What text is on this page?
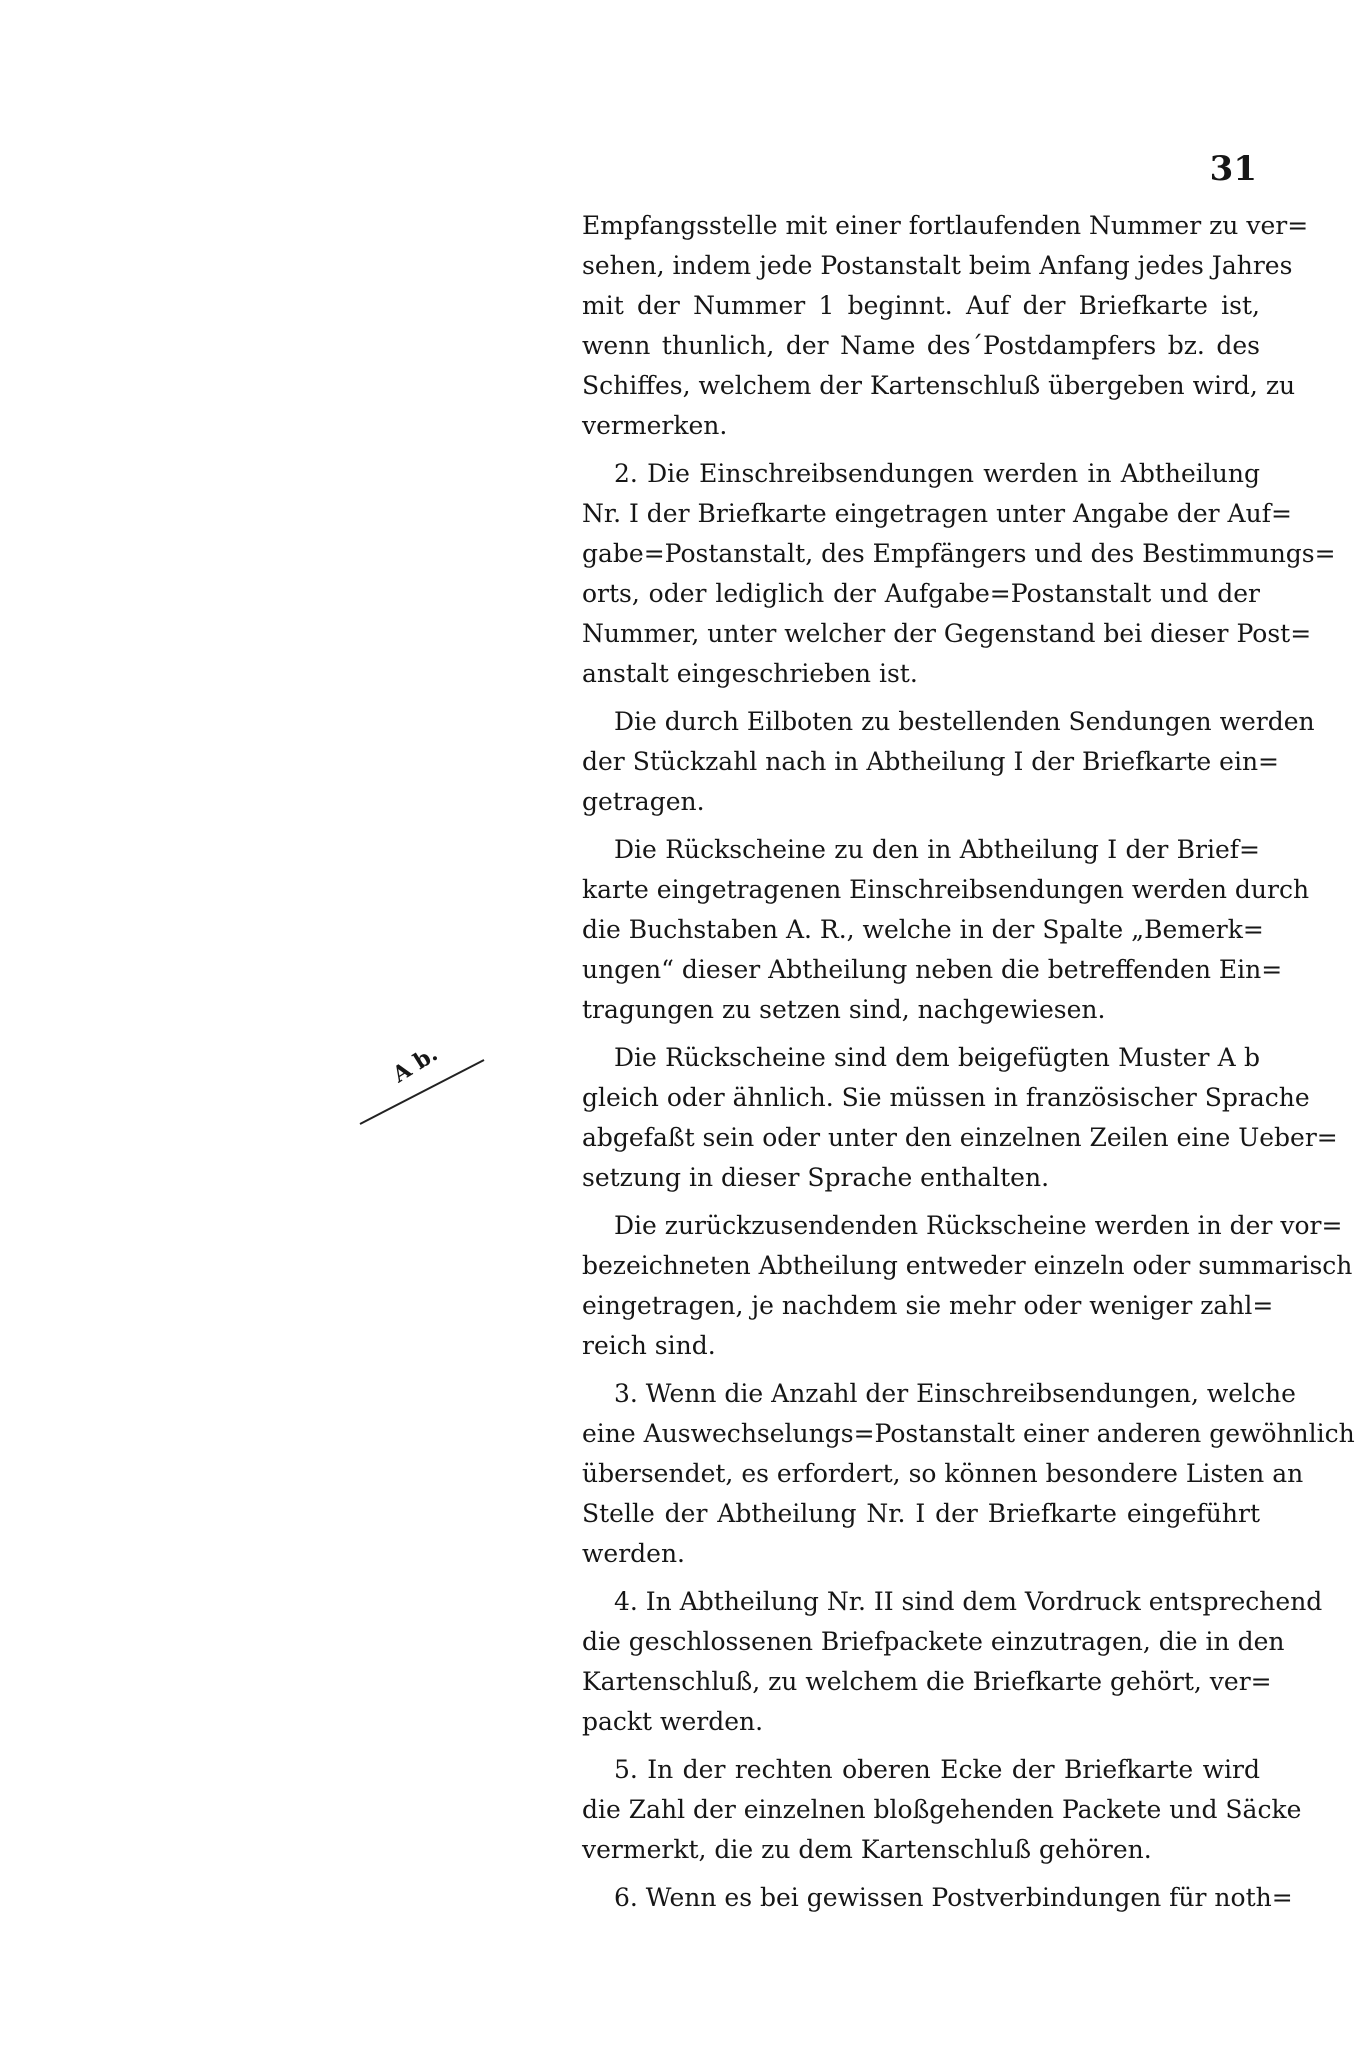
31
A b.
Empfangsstelle mit einer fortlaufenden Nummer zu ver=
sehen, indem jede Postanstalt beim Anfang jedes Jahres
mit der Nummer 1 beginnt. Auf der Briefkarte ist,
wenn thunlich, der Name des´Postdampfers bz. des
Schiffes, welchem der Kartenschluß übergeben wird, zu
vermerken.
2. Die Einschreibsendungen werden in Abtheilung
Nr. I der Briefkarte eingetragen unter Angabe der Auf=
gabe=Postanstalt, des Empfängers und des Bestimmungs=
orts, oder lediglich der Aufgabe=Postanstalt und der
Nummer, unter welcher der Gegenstand bei dieser Post=
anstalt eingeschrieben ist.
Die durch Eilboten zu bestellenden Sendungen werden
der Stückzahl nach in Abtheilung I der Briefkarte ein=
getragen.
Die Rückscheine zu den in Abtheilung I der Brief=
karte eingetragenen Einschreibsendungen werden durch
die Buchstaben A. R., welche in der Spalte „Bemerk=
ungen“ dieser Abtheilung neben die betreffenden Ein=
tragungen zu setzen sind, nachgewiesen.
Die Rückscheine sind dem beigefügten Muster A b
gleich oder ähnlich. Sie müssen in französischer Sprache
abgefaßt sein oder unter den einzelnen Zeilen eine Ueber=
setzung in dieser Sprache enthalten.
Die zurückzusendenden Rückscheine werden in der vor=
bezeichneten Abtheilung entweder einzeln oder summarisch
eingetragen, je nachdem sie mehr oder weniger zahl=
reich sind.
3. Wenn die Anzahl der Einschreibsendungen, welche
eine Auswechselungs=Postanstalt einer anderen gewöhnlich
übersendet, es erfordert, so können besondere Listen an
Stelle der Abtheilung Nr. I der Briefkarte eingeführt
werden.
4. In Abtheilung Nr. II sind dem Vordruck entsprechend
die geschlossenen Briefpackete einzutragen, die in den
Kartenschluß, zu welchem die Briefkarte gehört, ver=
packt werden.
5. In der rechten oberen Ecke der Briefkarte wird
die Zahl der einzelnen bloßgehenden Packete und Säcke
vermerkt, die zu dem Kartenschluß gehören.
6. Wenn es bei gewissen Postverbindungen für noth=
